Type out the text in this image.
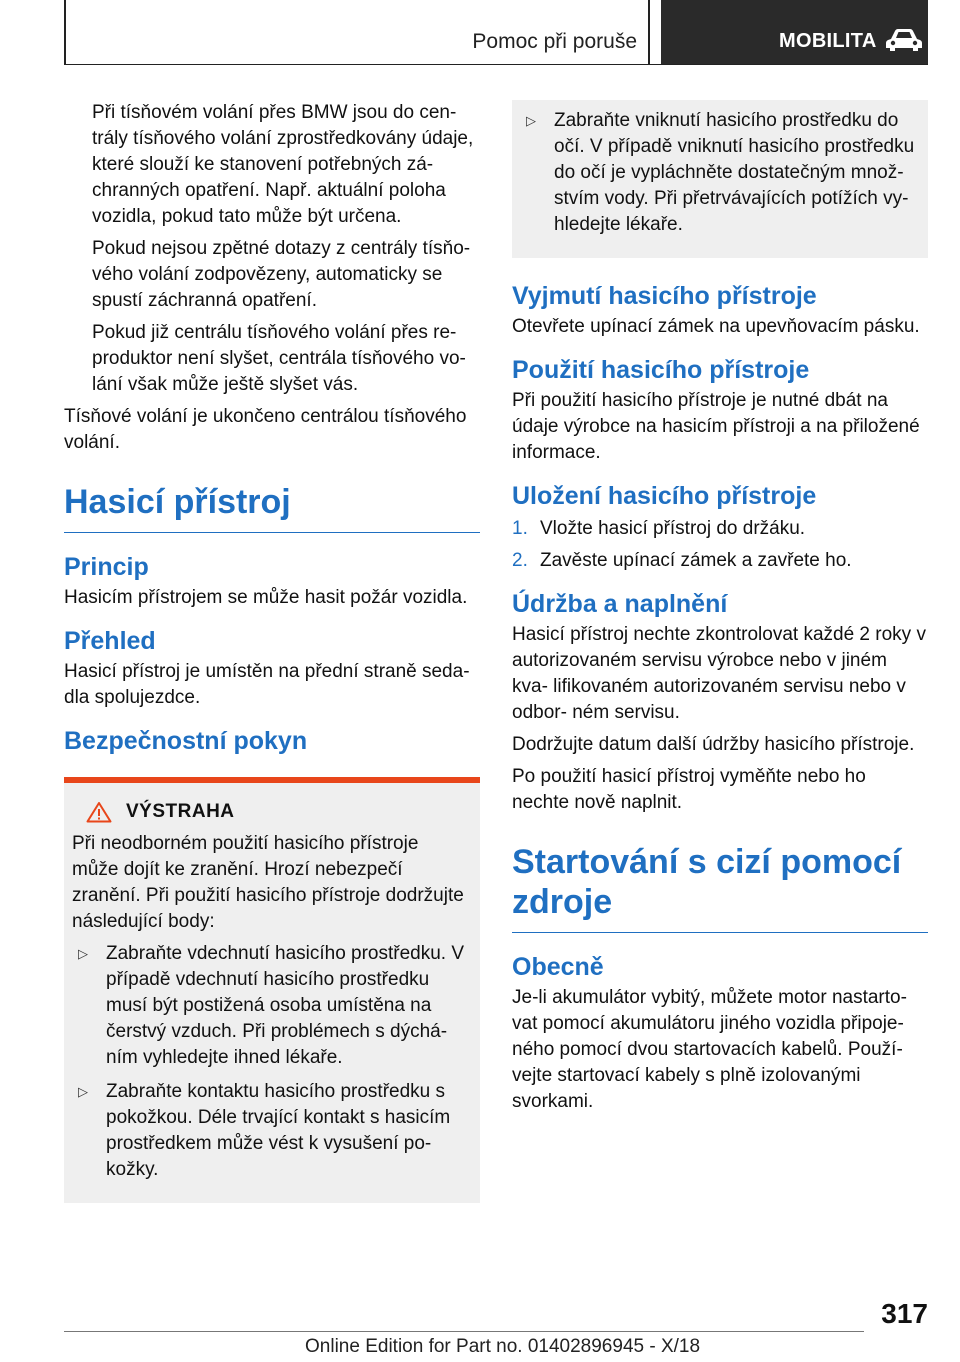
Pomoc při poruše	MOBILITA

Při tísňovém volání přes BMW jsou do cen‐ trály tísňového volání zprostředkovány údaje, které slouží ke stanovení potřebných zá‐ chranných opatření. Např. aktuální poloha vozidla, pokud tato může být určena.

Pokud nejsou zpětné dotazy z centrály tísňo‐ vého volání zodpovězeny, automaticky se spustí záchranná opatření.

Pokud již centrálu tísňového volání přes re‐ produktor není slyšet, centrála tísňového vo‐ lání však může ještě slyšet vás.

Tísňové volání je ukončeno centrálou tísňového volání.

Hasicí přístroj
Princip

Hasicím přístrojem se může hasit požár vozidla.

Přehled

Hasicí přístroj je umístěn na přední straně seda‐ dla spolujezdce.

Bezpečnostní pokyn
VÝSTRAHA

Při neodborném použití hasicího přístroje může dojít ke zranění. Hrozí nebezpečí zranění. Při použití hasicího přístroje dodržujte následující body:

▷ Zabraňte vdechnutí hasicího prostředku. V případě vdechnutí hasicího prostředku musí být postižená osoba umístěna na čerstvý vzduch. Při problémech s dýchá‐ ním vyhledejte ihned lékaře.
▷ Zabraňte kontaktu hasicího prostředku s pokožkou. Déle trvající kontakt s hasicím prostředkem může vést k vysušení po‐ kožky.
▷ Zabraňte vniknutí hasicího prostředku do očí. V případě vniknutí hasicího prostředku do očí je vypláchněte dostatečným množ‐ stvím vody. Při přetrvávajících potížích vy‐ hledejte lékaře.
Vyjmutí hasicího přístroje

Otevřete upínací zámek na upevňovacím pásku.

Použití hasicího přístroje

Při použití hasicího přístroje je nutné dbát na údaje výrobce na hasicím přístroji a na přiložené informace.

Uložení hasicího přístroje
1. Vložte hasicí přístroj do držáku.
2. Zavěste upínací zámek a zavřete ho.
Údržba a naplnění

Hasicí přístroj nechte zkontrolovat každé 2 roky v autorizovaném servisu výrobce nebo v jiném kva‐ lifikovaném autorizovaném servisu nebo v odbor‐ ném servisu.

Dodržujte datum další údržby hasicího přístroje.

Po použití hasicí přístroj vyměňte nebo ho nechte nově naplnit.

Startování s cizí pomocí zdroje
Obecně

Je-li akumulátor vybitý, můžete motor nastarto‐ vat pomocí akumulátoru jiného vozidla připoje‐ ného pomocí dvou startovacích kabelů. Použí‐ vejte startovací kabely s plně izolovanými svorkami.

317
Online Edition for Part no. 01402896945 - X/18
